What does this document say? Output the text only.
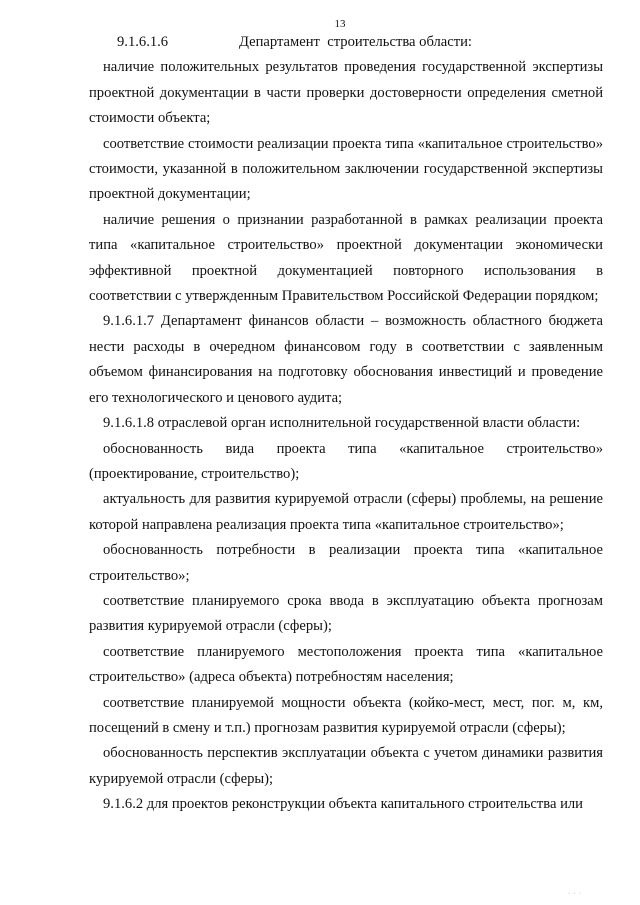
13

9.1.6.1.6	Департамент  строительства области:

наличие положительных результатов проведения государственной экспертизы проектной документации в части проверки достоверности определения сметной стоимости объекта;

соответствие стоимости реализации проекта типа «капитальное строительство» стоимости, указанной в положительном заключении государственной экспертизы проектной документации;

наличие решения о признании разработанной в рамках реализации проекта типа «капитальное строительство» проектной документации экономически эффективной проектной документацией повторного использования в соответствии с утвержденным Правительством Российской Федерации порядком;

9.1.6.1.7 Департамент финансов области – возможность областного бюджета нести расходы в очередном финансовом году в соответствии с заявленным объемом финансирования на подготовку обоснования инвестиций и проведение его технологического и ценового аудита;

9.1.6.1.8 отраслевой орган исполнительной государственной власти области:

обоснованность вида проекта типа «капитальное строительство» (проектирование, строительство);

актуальность для развития курируемой отрасли (сферы) проблемы, на решение которой направлена реализация проекта типа «капитальное строительство»;

обоснованность потребности в реализации проекта типа «капитальное строительство»;

соответствие планируемого срока ввода в эксплуатацию объекта прогнозам развития курируемой отрасли (сферы);

соответствие планируемого местоположения проекта типа «капитальное строительство» (адреса объекта) потребностям населения;

соответствие планируемой мощности объекта (койко-мест, мест, пог. м, км, посещений в смену и т.п.) прогнозам развития курируемой отрасли (сферы);

обоснованность перспектив эксплуатации объекта с учетом динамики развития курируемой отрасли (сферы);

9.1.6.2 для проектов реконструкции объекта капитального строительства или

· · ·
